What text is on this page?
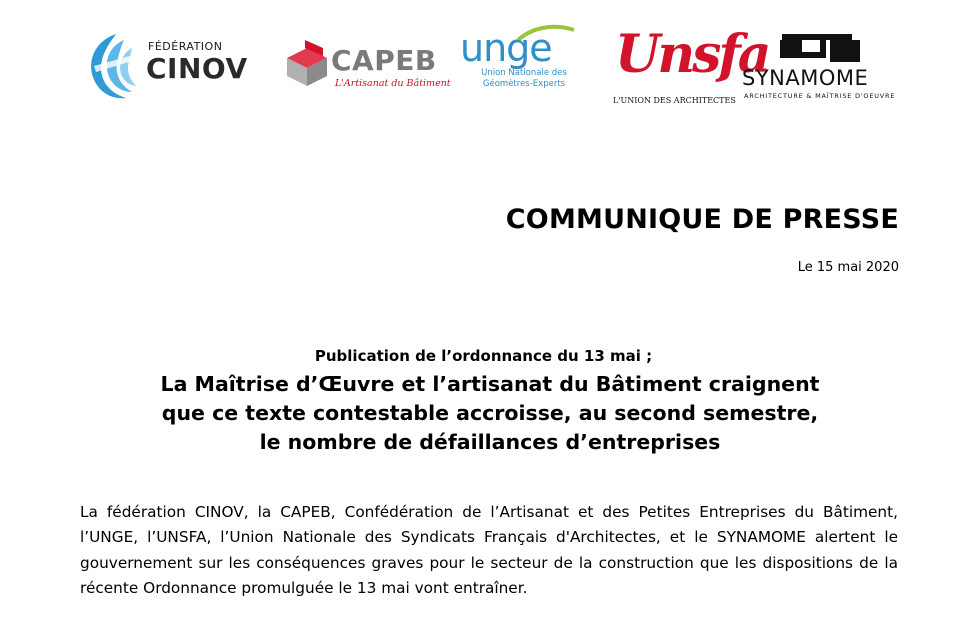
FÉDÉRATION
CINOV	CAPEB
L'Artisanat du Bâtiment
unge
Union Nationale des Géomètres-Experts Unsfa
L'UNION DES ARCHITECTES
SYNAMOME
ARCHITECTURE & MAÎTRISE D'OEUVRE
COMMUNIQUE DE PRESSE
Le 15 mai 2020
Publication de l’ordonnance du 13 mai ;
La Maîtrise d’Œuvre et l’artisanat du Bâtiment craignent
que ce texte contestable accroisse, au second semestre,
le nombre de défaillances d’entreprises
La fédération CINOV, la CAPEB, Confédération de l’Artisanat et des Petites Entreprises du Bâtiment, l’UNGE, l’UNSFA, l’Union Nationale des Syndicats Français d'Architectes, et le SYNAMOME alertent le gouvernement sur les conséquences graves pour le secteur de la construction que les dispositions de la récente Ordonnance promulguée le 13 mai vont entraîner.
